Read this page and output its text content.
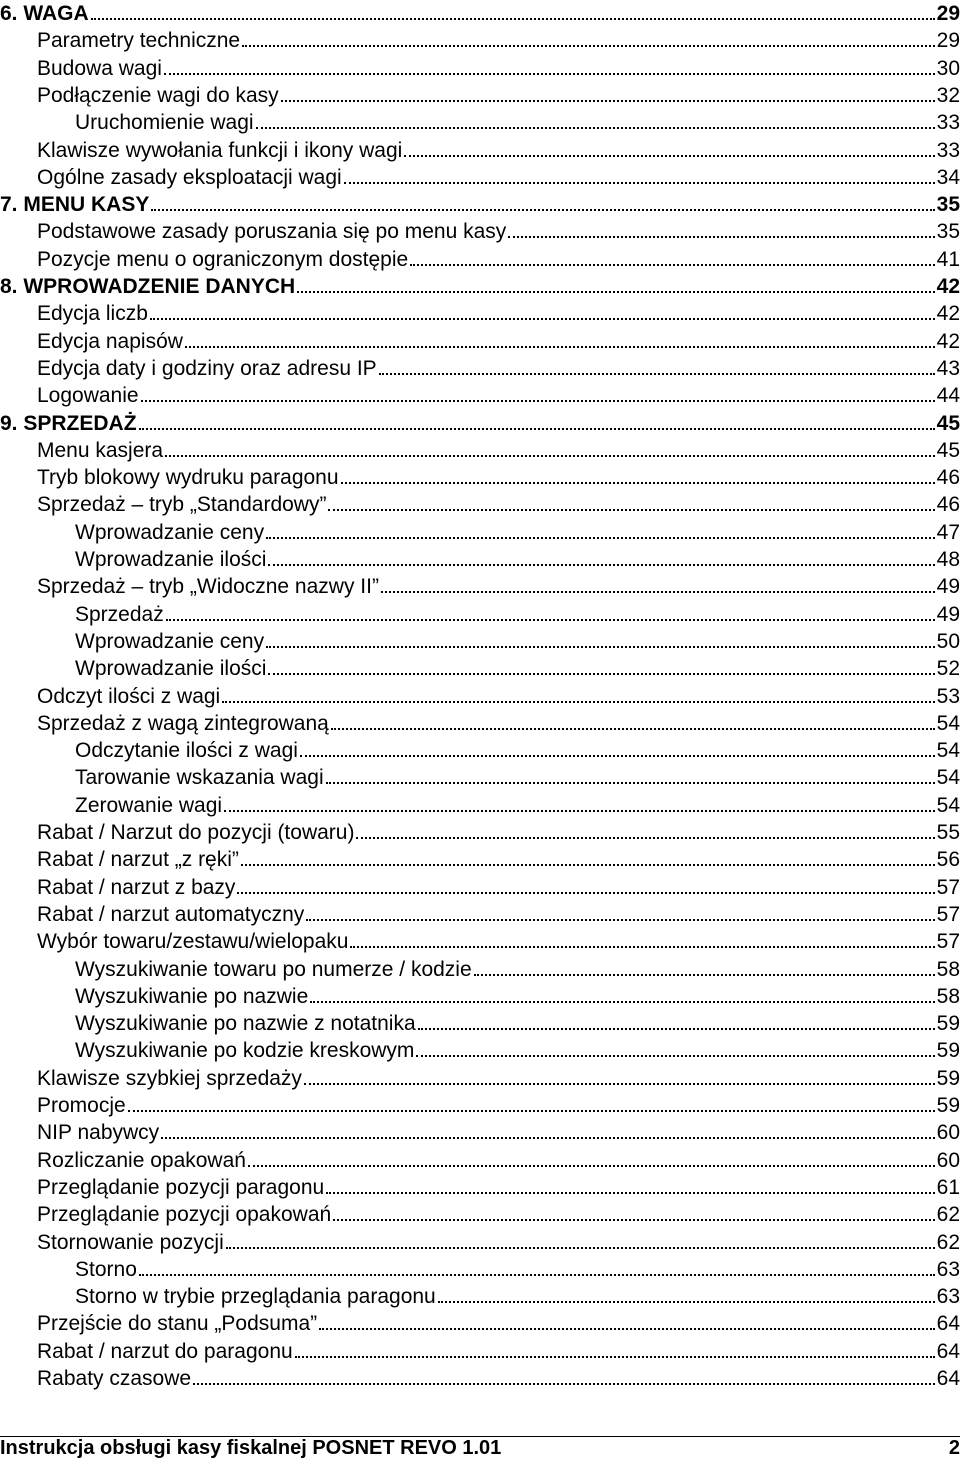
6. WAGA	29
Parametry techniczne	29
Budowa wagi	30
Podłączenie wagi do kasy	32
Uruchomienie wagi	33
Klawisze wywołania funkcji i ikony wagi	33
Ogólne zasady eksploatacji wagi	34
7. MENU KASY	35
Podstawowe zasady poruszania się po menu kasy	35
Pozycje menu o ograniczonym dostępie	41
8. WPROWADZENIE DANYCH	42
Edycja liczb	42
Edycja napisów	42
Edycja daty i godziny oraz adresu IP	43
Logowanie	44
9. SPRZEDAŻ	45
Menu kasjera	45
Tryb blokowy wydruku paragonu	46
Sprzedaż – tryb „Standardowy”	46
Wprowadzanie ceny	47
Wprowadzanie ilości	48
Sprzedaż – tryb „Widoczne nazwy II”	49
Sprzedaż	49
Wprowadzanie ceny	50
Wprowadzanie ilości	52
Odczyt ilości z wagi	53
Sprzedaż z wagą zintegrowaną	54
Odczytanie ilości z wagi	54
Tarowanie wskazania wagi	54
Zerowanie wagi	54
Rabat / Narzut do pozycji (towaru)	55
Rabat / narzut „z ręki”	56
Rabat / narzut z bazy	57
Rabat / narzut automatyczny	57
Wybór towaru/zestawu/wielopaku	57
Wyszukiwanie towaru po numerze / kodzie	58
Wyszukiwanie po nazwie	58
Wyszukiwanie po nazwie z notatnika	59
Wyszukiwanie po kodzie kreskowym	59
Klawisze szybkiej sprzedaży	59
Promocje	59
NIP nabywcy	60
Rozliczanie opakowań	60
Przeglądanie pozycji paragonu	61
Przeglądanie pozycji opakowań	62
Stornowanie pozycji	62
Storno	63
Storno w trybie przeglądania paragonu	63
Przejście do stanu „Podsuma”	64
Rabat / narzut do paragonu	64
Rabaty czasowe	64
Instrukcja obsługi kasy fiskalnej POSNET REVO 1.01	2
